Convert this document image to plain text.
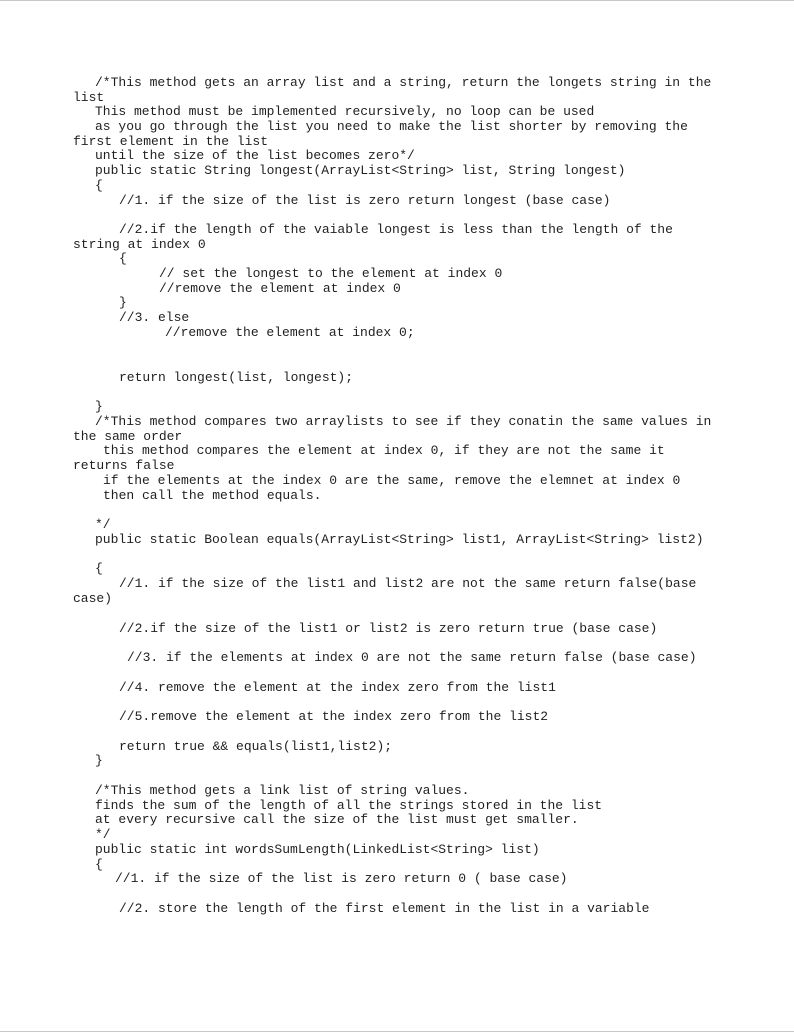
/*This method gets an array list and a string, return the longets string in the
list
This method must be implemented recursively, no loop can be used
as you go through the list you need to make the list shorter by removing the
first element in the list
until the size of the list becomes zero*/
public static String longest(ArrayList<String> list, String longest)
{
//1. if the size of the list is zero return longest (base case)
//2.if the length of the vaiable longest is less than the length of the
string at index 0
{
// set the longest to the element at index 0
//remove the element at index 0
}
//3. else
//remove the element at index 0;
return longest(list, longest);
}
/*This method compares two arraylists to see if they conatin the same values in
the same order
this method compares the element at index 0, if they are not the same it
returns false
if the elements at the index 0 are the same, remove the elemnet at index 0
then call the method equals.
*/
public static Boolean equals(ArrayList<String> list1, ArrayList<String> list2)
{
//1. if the size of the list1 and list2 are not the same return false(base
case)
//2.if the size of the list1 or list2 is zero return true (base case)
//3. if the elements at index 0 are not the same return false (base case)
//4. remove the element at the index zero from the list1
//5.remove the element at the index zero from the list2
return true && equals(list1,list2);
}
/*This method gets a link list of string values.
finds the sum of the length of all the strings stored in the list
at every recursive call the size of the list must get smaller.
*/
public static int wordsSumLength(LinkedList<String> list)
{
//1. if the size of the list is zero return 0 ( base case)
//2. store the length of the first element in the list in a variable
